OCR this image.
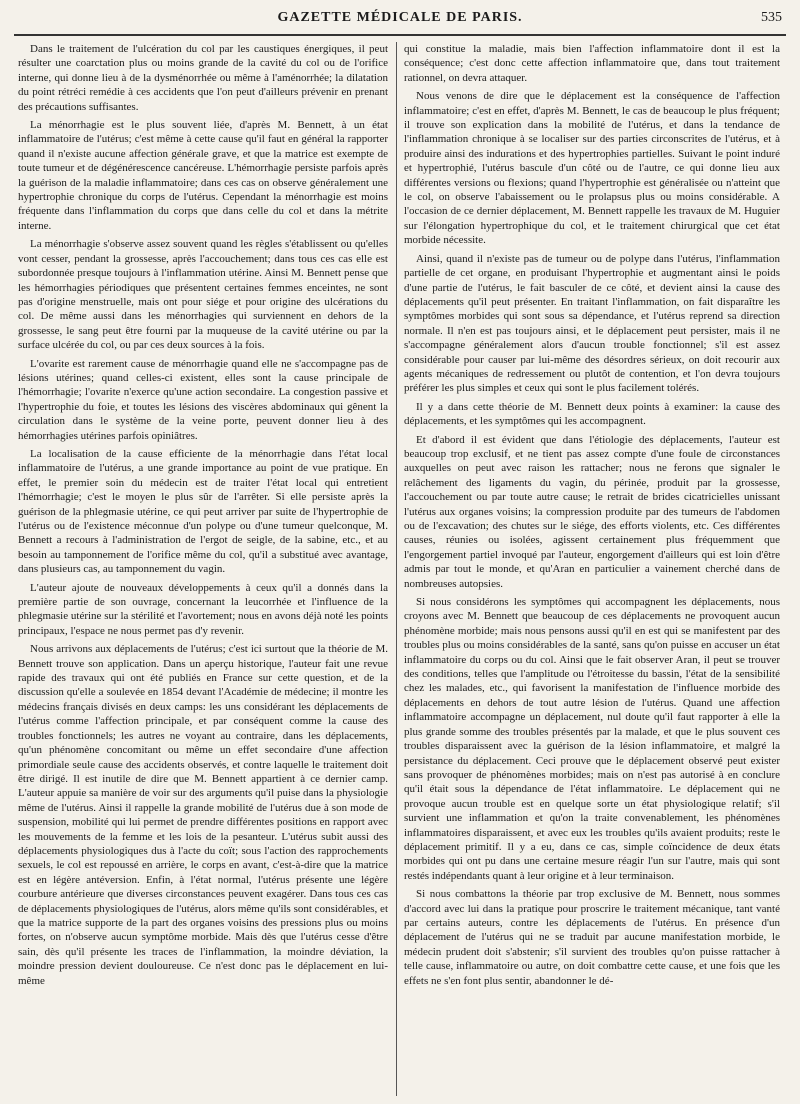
GAZETTE MÉDICALE DE PARIS.	535

Dans le traitement de l'ulcération du col par les caustiques énergiques, il peut résulter une coarctation plus ou moins grande de la cavité du col ou de l'orifice interne, qui donne lieu à de la dysménorrhée ou même à l'aménorrhée; la dilatation du point rétréci remédie à ces accidents que l'on peut d'ailleurs prévenir en prenant des précautions suffisantes.

La ménorrhagie est le plus souvent liée, d'après M. Bennett, à un état inflammatoire de l'utérus; c'est même à cette cause qu'il faut en général la rapporter quand il n'existe aucune affection générale grave, et que la matrice est exempte de toute tumeur et de dégénérescence cancéreuse. L'hémorrhagie persiste parfois après la guérison de la maladie inflammatoire; dans ces cas on observe généralement une hypertrophie chronique du corps de l'utérus. Cependant la ménorrhagie est moins fréquente dans l'inflammation du corps que dans celle du col et dans la métrite interne.

La ménorrhagie s'observe assez souvent quand les règles s'établissent ou qu'elles vont cesser, pendant la grossesse, après l'accouchement; dans tous ces cas elle est subordonnée presque toujours à l'inflammation utérine. Ainsi M. Bennett pense que les hémorrhagies périodiques que présentent certaines femmes enceintes, ne sont pas d'origine menstruelle, mais ont pour siége et pour origine des ulcérations du col. De même aussi dans les ménorrhagies qui surviennent en dehors de la grossesse, le sang peut être fourni par la muqueuse de la cavité utérine ou par la surface ulcérée du col, ou par ces deux sources à la fois.

L'ovarite est rarement cause de ménorrhagie quand elle ne s'accompagne pas de lésions utérines; quand celles-ci existent, elles sont la cause principale de l'hémorrhagie; l'ovarite n'exerce qu'une action secondaire. La congestion passive et l'hypertrophie du foie, et toutes les lésions des viscères abdominaux qui gênent la circulation dans le système de la veine porte, peuvent donner lieu à des hémorrhagies utérines parfois opiniâtres.

La localisation de la cause efficiente de la ménorrhagie dans l'état local inflammatoire de l'utérus, a une grande importance au point de vue pratique. En effet, le premier soin du médecin est de traiter l'état local qui entretient l'hémorrhagie; c'est le moyen le plus sûr de l'arrêter. Si elle persiste après la guérison de la phlegmasie utérine, ce qui peut arriver par suite de l'hypertrophie de l'utérus ou de l'existence méconnue d'un polype ou d'une tumeur quelconque, M. Bennett a recours à l'administration de l'ergot de seigle, de la sabine, etc., et au besoin au tamponnement de l'orifice même du col, qu'il a substitué avec avantage, dans plusieurs cas, au tamponnement du vagin.

L'auteur ajoute de nouveaux développements à ceux qu'il a donnés dans la première partie de son ouvrage, concernant la leucorrhée et l'influence de la phlegmasie utérine sur la stérilité et l'avortement; nous en avons déjà noté les points principaux, l'espace ne nous permet pas d'y revenir.

Nous arrivons aux déplacements de l'utérus; c'est ici surtout que la théorie de M. Bennett trouve son application. Dans un aperçu historique, l'auteur fait une revue rapide des travaux qui ont été publiés en France sur cette question, et de la discussion qu'elle a soulevée en 1854 devant l'Académie de médecine; il montre les médecins français divisés en deux camps: les uns considérant les déplacements de l'utérus comme l'affection principale, et par conséquent comme la cause des troubles fonctionnels; les autres ne voyant au contraire, dans les déplacements, qu'un phénomène concomitant ou même un effet secondaire d'une affection primordiale seule cause des accidents observés, et contre laquelle le traitement doit être dirigé. Il est inutile de dire que M. Bennett appartient à ce dernier camp. L'auteur appuie sa manière de voir sur des arguments qu'il puise dans la physiologie même de l'utérus. Ainsi il rappelle la grande mobilité de l'utérus due à son mode de suspension, mobilité qui lui permet de prendre différentes positions en rapport avec les mouvements de la femme et les lois de la pesanteur. L'utérus subit aussi des déplacements physiologiques dus à l'acte du coït; sous l'action des rapprochements sexuels, le col est repoussé en arrière, le corps en avant, c'est-à-dire que la matrice est en légère antéversion. Enfin, à l'état normal, l'utérus présente une légère courbure antérieure que diverses circonstances peuvent exagérer. Dans tous ces cas de déplacements physiologiques de l'utérus, alors même qu'ils sont considérables, et que la matrice supporte de la part des organes voisins des pressions plus ou moins fortes, on n'observe aucun symptôme morbide. Mais dès que l'utérus cesse d'être sain, dès qu'il présente les traces de l'inflammation, la moindre déviation, la moindre pression devient douloureuse. Ce n'est donc pas le déplacement en lui-même

qui constitue la maladie, mais bien l'affection inflammatoire dont il est la conséquence; c'est donc cette affection inflammatoire que, dans tout traitement rationnel, on devra attaquer.

Nous venons de dire que le déplacement est la conséquence de l'affection inflammatoire; c'est en effet, d'après M. Bennett, le cas de beaucoup le plus fréquent; il trouve son explication dans la mobilité de l'utérus, et dans la tendance de l'inflammation chronique à se localiser sur des parties circonscrites de l'utérus, et à produire ainsi des indurations et des hypertrophies partielles. Suivant le point induré et hypertrophié, l'utérus bascule d'un côté ou de l'autre, ce qui donne lieu aux différentes versions ou flexions; quand l'hypertrophie est généralisée ou n'atteint que le col, on observe l'abaissement ou le prolapsus plus ou moins considérable. A l'occasion de ce dernier déplacement, M. Bennett rappelle les travaux de M. Huguier sur l'élongation hypertrophique du col, et le traitement chirurgical que cet état morbide nécessite.

Ainsi, quand il n'existe pas de tumeur ou de polype dans l'utérus, l'inflammation partielle de cet organe, en produisant l'hypertrophie et augmentant ainsi le poids d'une partie de l'utérus, le fait basculer de ce côté, et devient ainsi la cause des déplacements qu'il peut présenter. En traitant l'inflammation, on fait disparaître les symptômes morbides qui sont sous sa dépendance, et l'utérus reprend sa direction normale. Il n'en est pas toujours ainsi, et le déplacement peut persister, mais il ne s'accompagne généralement alors d'aucun trouble fonctionnel; s'il est assez considérable pour causer par lui-même des désordres sérieux, on doit recourir aux agents mécaniques de redressement ou plutôt de contention, et l'on devra toujours préférer les plus simples et ceux qui sont le plus facilement tolérés.

Il y a dans cette théorie de M. Bennett deux points à examiner: la cause des déplacements, et les symptômes qui les accompagnent.

Et d'abord il est évident que dans l'étiologie des déplacements, l'auteur est beaucoup trop exclusif, et ne tient pas assez compte d'une foule de circonstances auxquelles on peut avec raison les rattacher; nous ne ferons que signaler le relâchement des ligaments du vagin, du périnée, produit par la grossesse, l'accouchement ou par toute autre cause; le retrait de brides cicatricielles unissant l'utérus aux organes voisins; la compression produite par des tumeurs de l'abdomen ou de l'excavation; des chutes sur le siége, des efforts violents, etc. Ces différentes causes, réunies ou isolées, agissent certainement plus fréquemment que l'engorgement partiel invoqué par l'auteur, engorgement d'ailleurs qui est loin d'être admis par tout le monde, et qu'Aran en particulier a vainement cherché dans de nombreuses autopsies.

Si nous considérons les symptômes qui accompagnent les déplacements, nous croyons avec M. Bennett que beaucoup de ces déplacements ne provoquent aucun phénomène morbide; mais nous pensons aussi qu'il en est qui se manifestent par des troubles plus ou moins considérables de la santé, sans qu'on puisse en accuser un état inflammatoire du corps ou du col. Ainsi que le fait observer Aran, il peut se trouver des conditions, telles que l'amplitude ou l'étroitesse du bassin, l'état de la sensibilité chez les malades, etc., qui favorisent la manifestation de l'influence morbide des déplacements en dehors de tout autre lésion de l'utérus. Quand une affection inflammatoire accompagne un déplacement, nul doute qu'il faut rapporter à elle la plus grande somme des troubles présentés par la malade, et que le plus souvent ces troubles disparaissent avec la guérison de la lésion inflammatoire, et malgré la persistance du déplacement. Ceci prouve que le déplacement observé peut exister sans provoquer de phénomènes morbides; mais on n'est pas autorisé à en conclure qu'il était sous la dépendance de l'état inflammatoire. Le déplacement qui ne provoque aucun trouble est en quelque sorte un état physiologique relatif; s'il survient une inflammation et qu'on la traite convenablement, les phénomènes inflammatoires disparaissent, et avec eux les troubles qu'ils avaient produits; reste le déplacement primitif. Il y a eu, dans ce cas, simple coïncidence de deux états morbides qui ont pu dans une certaine mesure réagir l'un sur l'autre, mais qui sont restés indépendants quant à leur origine et à leur terminaison.

Si nous combattons la théorie par trop exclusive de M. Bennett, nous sommes d'accord avec lui dans la pratique pour proscrire le traitement mécanique, tant vanté par certains auteurs, contre les déplacements de l'utérus. En présence d'un déplacement de l'utérus qui ne se traduit par aucune manifestation morbide, le médecin prudent doit s'abstenir; s'il survient des troubles qu'on puisse rattacher à telle cause, inflammatoire ou autre, on doit combattre cette cause, et une fois que les effets ne s'en font plus sentir, abandonner le dé-
